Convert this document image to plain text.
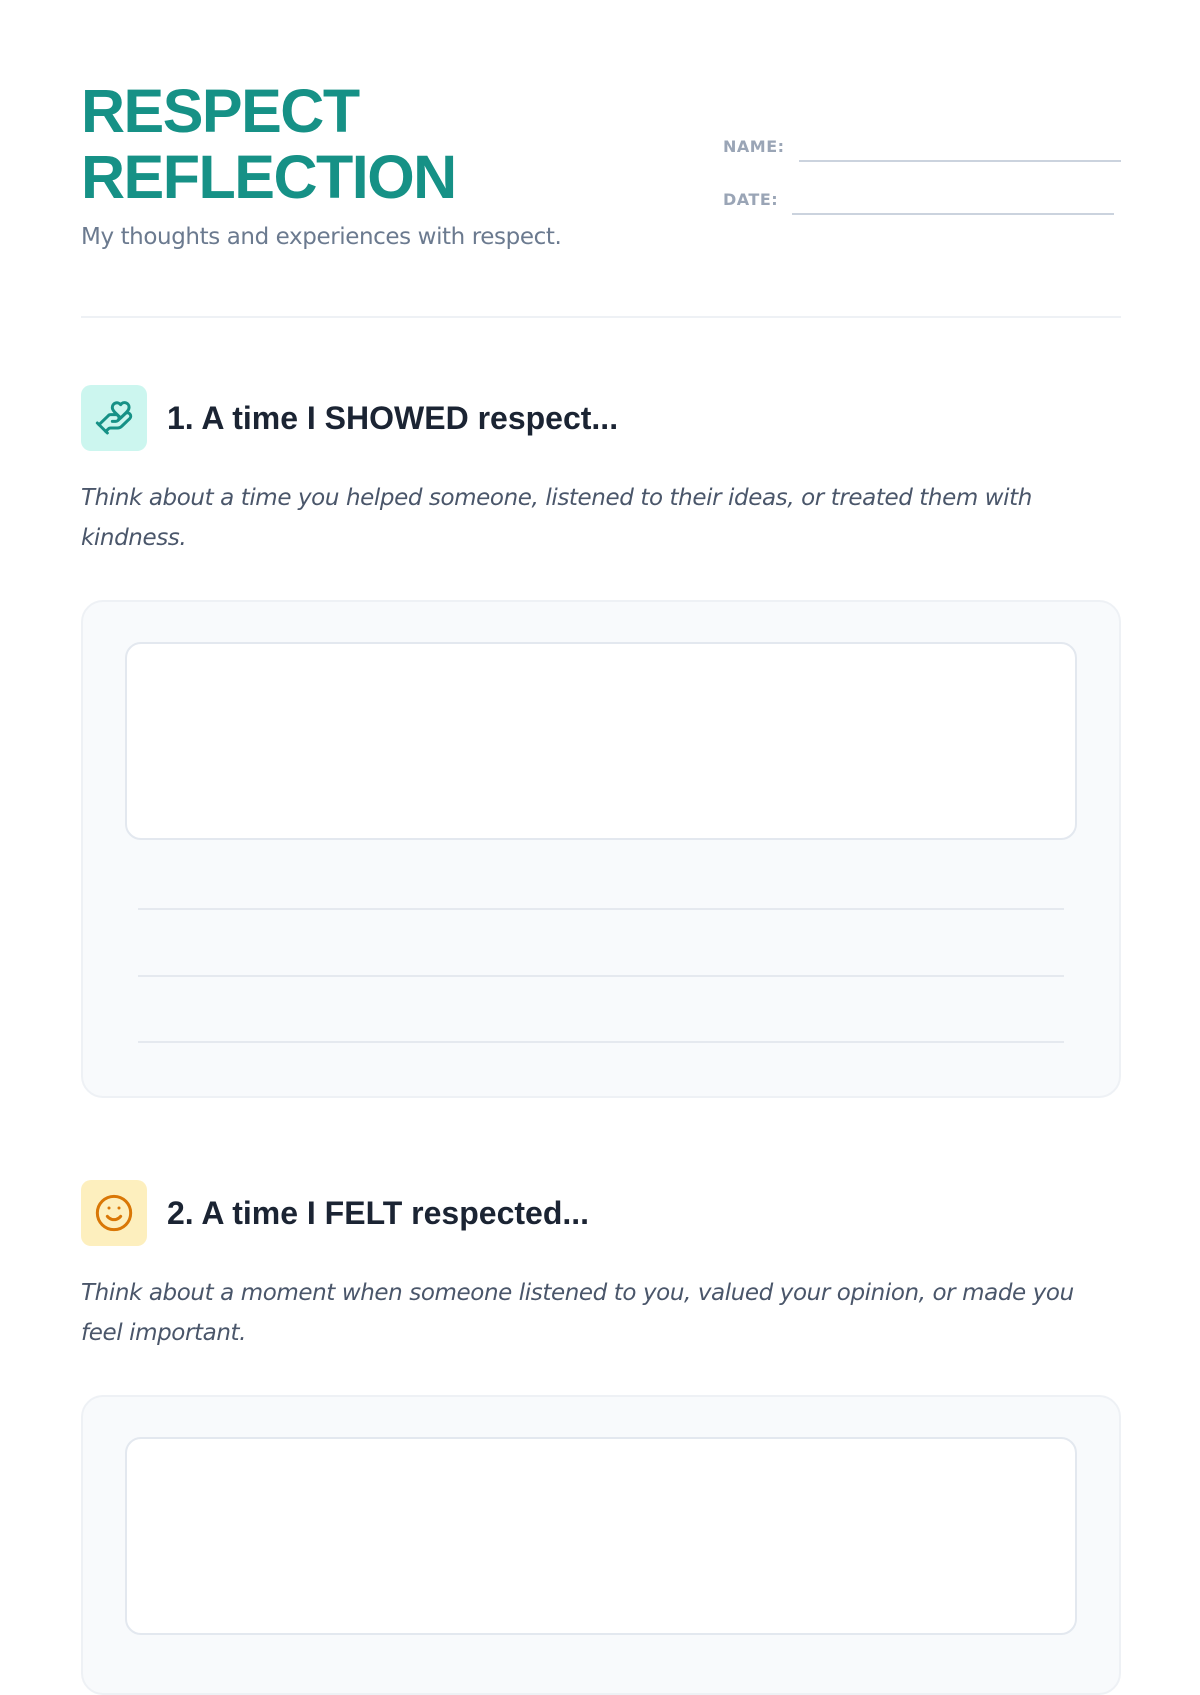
RESPECT
REFLECTION
My thoughts and experiences with respect.
NAME:
DATE:
1. A time I SHOWED respect...
Think about a time you helped someone, listened to their ideas, or treated them with kindness.
2. A time I FELT respected...
Think about a moment when someone listened to you, valued your opinion, or made you feel important.
